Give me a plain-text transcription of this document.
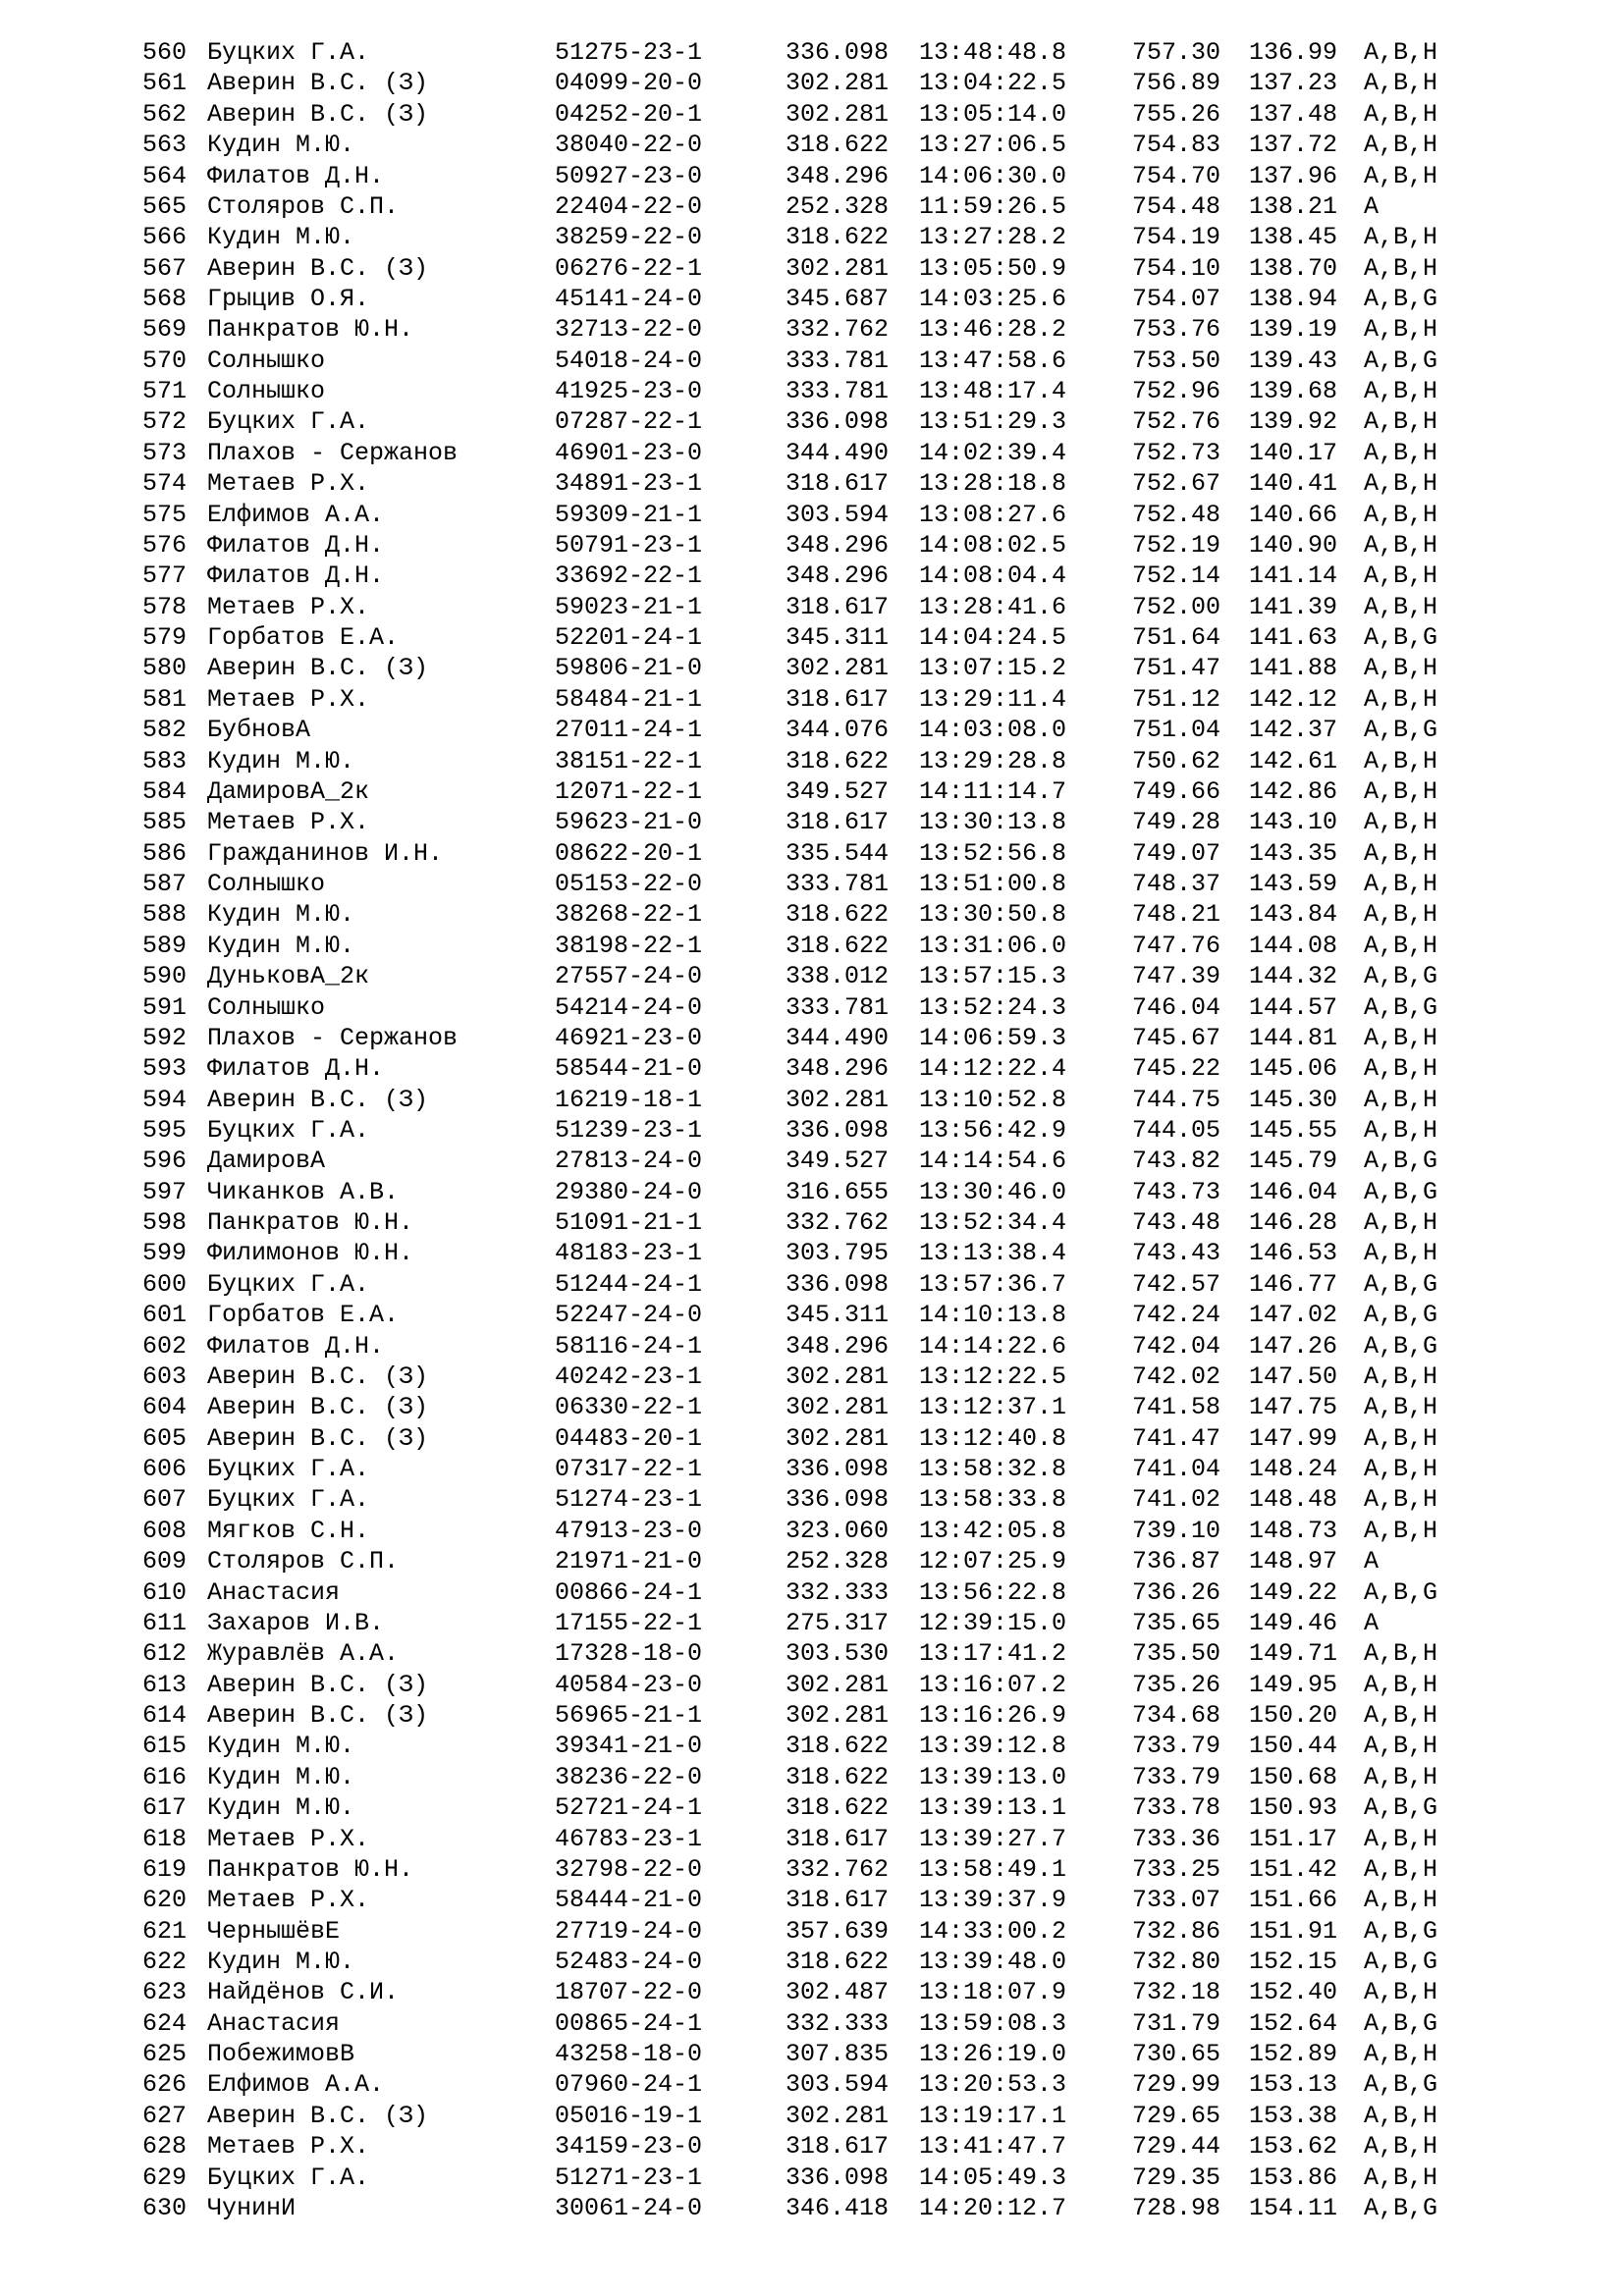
560 Буцких Г.А.	51275-23-1	336.098 13:48:48.8	757.30 136.99 A,B,H
561 Аверин В.С. (З)	04099-20-0	302.281 13:04:22.5	756.89 137.23 A,B,H
562 Аверин В.С. (З)	04252-20-1	302.281 13:05:14.0	755.26 137.48 A,B,H
563 Кудин М.Ю.	38040-22-0	318.622 13:27:06.5	754.83 137.72 A,B,H
564 Филатов Д.Н.	50927-23-0	348.296 14:06:30.0	754.70 137.96 A,B,H
565 Столяров С.П.	22404-22-0	252.328 11:59:26.5	754.48 138.21 A
566 Кудин М.Ю.	38259-22-0	318.622 13:27:28.2	754.19 138.45 A,B,H
567 Аверин В.С. (З)	06276-22-1	302.281 13:05:50.9	754.10 138.70 A,B,H
568 Грыцив О.Я.	45141-24-0	345.687 14:03:25.6	754.07 138.94 A,B,G
569 Панкратов Ю.Н.	32713-22-0	332.762 13:46:28.2	753.76 139.19 A,B,H
570 Солнышко	54018-24-0	333.781 13:47:58.6	753.50 139.43 A,B,G
571 Солнышко	41925-23-0	333.781 13:48:17.4	752.96 139.68 A,B,H
572 Буцких Г.А.	07287-22-1	336.098 13:51:29.3	752.76 139.92 A,B,H
573 Плахов - Сержанов	46901-23-0	344.490 14:02:39.4	752.73 140.17 A,B,H
574 Метаев Р.Х.	34891-23-1	318.617 13:28:18.8	752.67 140.41 A,B,H
575 Елфимов А.А.	59309-21-1	303.594 13:08:27.6	752.48 140.66 A,B,H
576 Филатов Д.Н.	50791-23-1	348.296 14:08:02.5	752.19 140.90 A,B,H
577 Филатов Д.Н.	33692-22-1	348.296 14:08:04.4	752.14 141.14 A,B,H
578 Метаев Р.Х.	59023-21-1	318.617 13:28:41.6	752.00 141.39 A,B,H
579 Горбатов Е.А.	52201-24-1	345.311 14:04:24.5	751.64 141.63 A,B,G
580 Аверин В.С. (З)	59806-21-0	302.281 13:07:15.2	751.47 141.88 A,B,H
581 Метаев Р.Х.	58484-21-1	318.617 13:29:11.4	751.12 142.12 A,B,H
582 БубновА	27011-24-1	344.076 14:03:08.0	751.04 142.37 A,B,G
583 Кудин М.Ю.	38151-22-1	318.622 13:29:28.8	750.62 142.61 A,B,H
584 ДамировА_2к	12071-22-1	349.527 14:11:14.7	749.66 142.86 A,B,H
585 Метаев Р.Х.	59623-21-0	318.617 13:30:13.8	749.28 143.10 A,B,H
586 Гражданинов И.Н.	08622-20-1	335.544 13:52:56.8	749.07 143.35 A,B,H
587 Солнышко	05153-22-0	333.781 13:51:00.8	748.37 143.59 A,B,H
588 Кудин М.Ю.	38268-22-1	318.622 13:30:50.8	748.21 143.84 A,B,H
589 Кудин М.Ю.	38198-22-1	318.622 13:31:06.0	747.76 144.08 A,B,H
590 ДуньковА_2к	27557-24-0	338.012 13:57:15.3	747.39 144.32 A,B,G
591 Солнышко	54214-24-0	333.781 13:52:24.3	746.04 144.57 A,B,G
592 Плахов - Сержанов	46921-23-0	344.490 14:06:59.3	745.67 144.81 A,B,H
593 Филатов Д.Н.	58544-21-0	348.296 14:12:22.4	745.22 145.06 A,B,H
594 Аверин В.С. (З)	16219-18-1	302.281 13:10:52.8	744.75 145.30 A,B,H
595 Буцких Г.А.	51239-23-1	336.098 13:56:42.9	744.05 145.55 A,B,H
596 ДамировА	27813-24-0	349.527 14:14:54.6	743.82 145.79 A,B,G
597 Чиканков А.В.	29380-24-0	316.655 13:30:46.0	743.73 146.04 A,B,G
598 Панкратов Ю.Н.	51091-21-1	332.762 13:52:34.4	743.48 146.28 A,B,H
599 Филимонов Ю.Н.	48183-23-1	303.795 13:13:38.4	743.43 146.53 A,B,H
600 Буцких Г.А.	51244-24-1	336.098 13:57:36.7	742.57 146.77 A,B,G
601 Горбатов Е.А.	52247-24-0	345.311 14:10:13.8	742.24 147.02 A,B,G
602 Филатов Д.Н.	58116-24-1	348.296 14:14:22.6	742.04 147.26 A,B,G
603 Аверин В.С. (З)	40242-23-1	302.281 13:12:22.5	742.02 147.50 A,B,H
604 Аверин В.С. (З)	06330-22-1	302.281 13:12:37.1	741.58 147.75 A,B,H
605 Аверин В.С. (З)	04483-20-1	302.281 13:12:40.8	741.47 147.99 A,B,H
606 Буцких Г.А.	07317-22-1	336.098 13:58:32.8	741.04 148.24 A,B,H
607 Буцких Г.А.	51274-23-1	336.098 13:58:33.8	741.02 148.48 A,B,H
608 Мягков С.Н.	47913-23-0	323.060 13:42:05.8	739.10 148.73 A,B,H
609 Столяров С.П.	21971-21-0	252.328 12:07:25.9	736.87 148.97 A
610 Анастасия	00866-24-1	332.333 13:56:22.8	736.26 149.22 A,B,G
611 Захаров И.В.	17155-22-1	275.317 12:39:15.0	735.65 149.46 A
612 Журавлёв А.А.	17328-18-0	303.530 13:17:41.2	735.50 149.71 A,B,H
613 Аверин В.С. (З)	40584-23-0	302.281 13:16:07.2	735.26 149.95 A,B,H
614 Аверин В.С. (З)	56965-21-1	302.281 13:16:26.9	734.68 150.20 A,B,H
615 Кудин М.Ю.	39341-21-0	318.622 13:39:12.8	733.79 150.44 A,B,H
616 Кудин М.Ю.	38236-22-0	318.622 13:39:13.0	733.79 150.68 A,B,H
617 Кудин М.Ю.	52721-24-1	318.622 13:39:13.1	733.78 150.93 A,B,G
618 Метаев Р.Х.	46783-23-1	318.617 13:39:27.7	733.36 151.17 A,B,H
619 Панкратов Ю.Н.	32798-22-0	332.762 13:58:49.1	733.25 151.42 A,B,H
620 Метаев Р.Х.	58444-21-0	318.617 13:39:37.9	733.07 151.66 A,B,H
621 ЧернышёвЕ	27719-24-0	357.639 14:33:00.2	732.86 151.91 A,B,G
622 Кудин М.Ю.	52483-24-0	318.622 13:39:48.0	732.80 152.15 A,B,G
623 Найдёнов С.И.	18707-22-0	302.487 13:18:07.9	732.18 152.40 A,B,H
624 Анастасия	00865-24-1	332.333 13:59:08.3	731.79 152.64 A,B,G
625 ПобежимовВ	43258-18-0	307.835 13:26:19.0	730.65 152.89 A,B,H
626 Елфимов А.А.	07960-24-1	303.594 13:20:53.3	729.99 153.13 A,B,G
627 Аверин В.С. (З)	05016-19-1	302.281 13:19:17.1	729.65 153.38 A,B,H
628 Метаев Р.Х.	34159-23-0	318.617 13:41:47.7	729.44 153.62 A,B,H
629 Буцких Г.А.	51271-23-1	336.098 14:05:49.3	729.35 153.86 A,B,H
630 ЧунинИ	30061-24-0	346.418 14:20:12.7	728.98 154.11 A,B,G
